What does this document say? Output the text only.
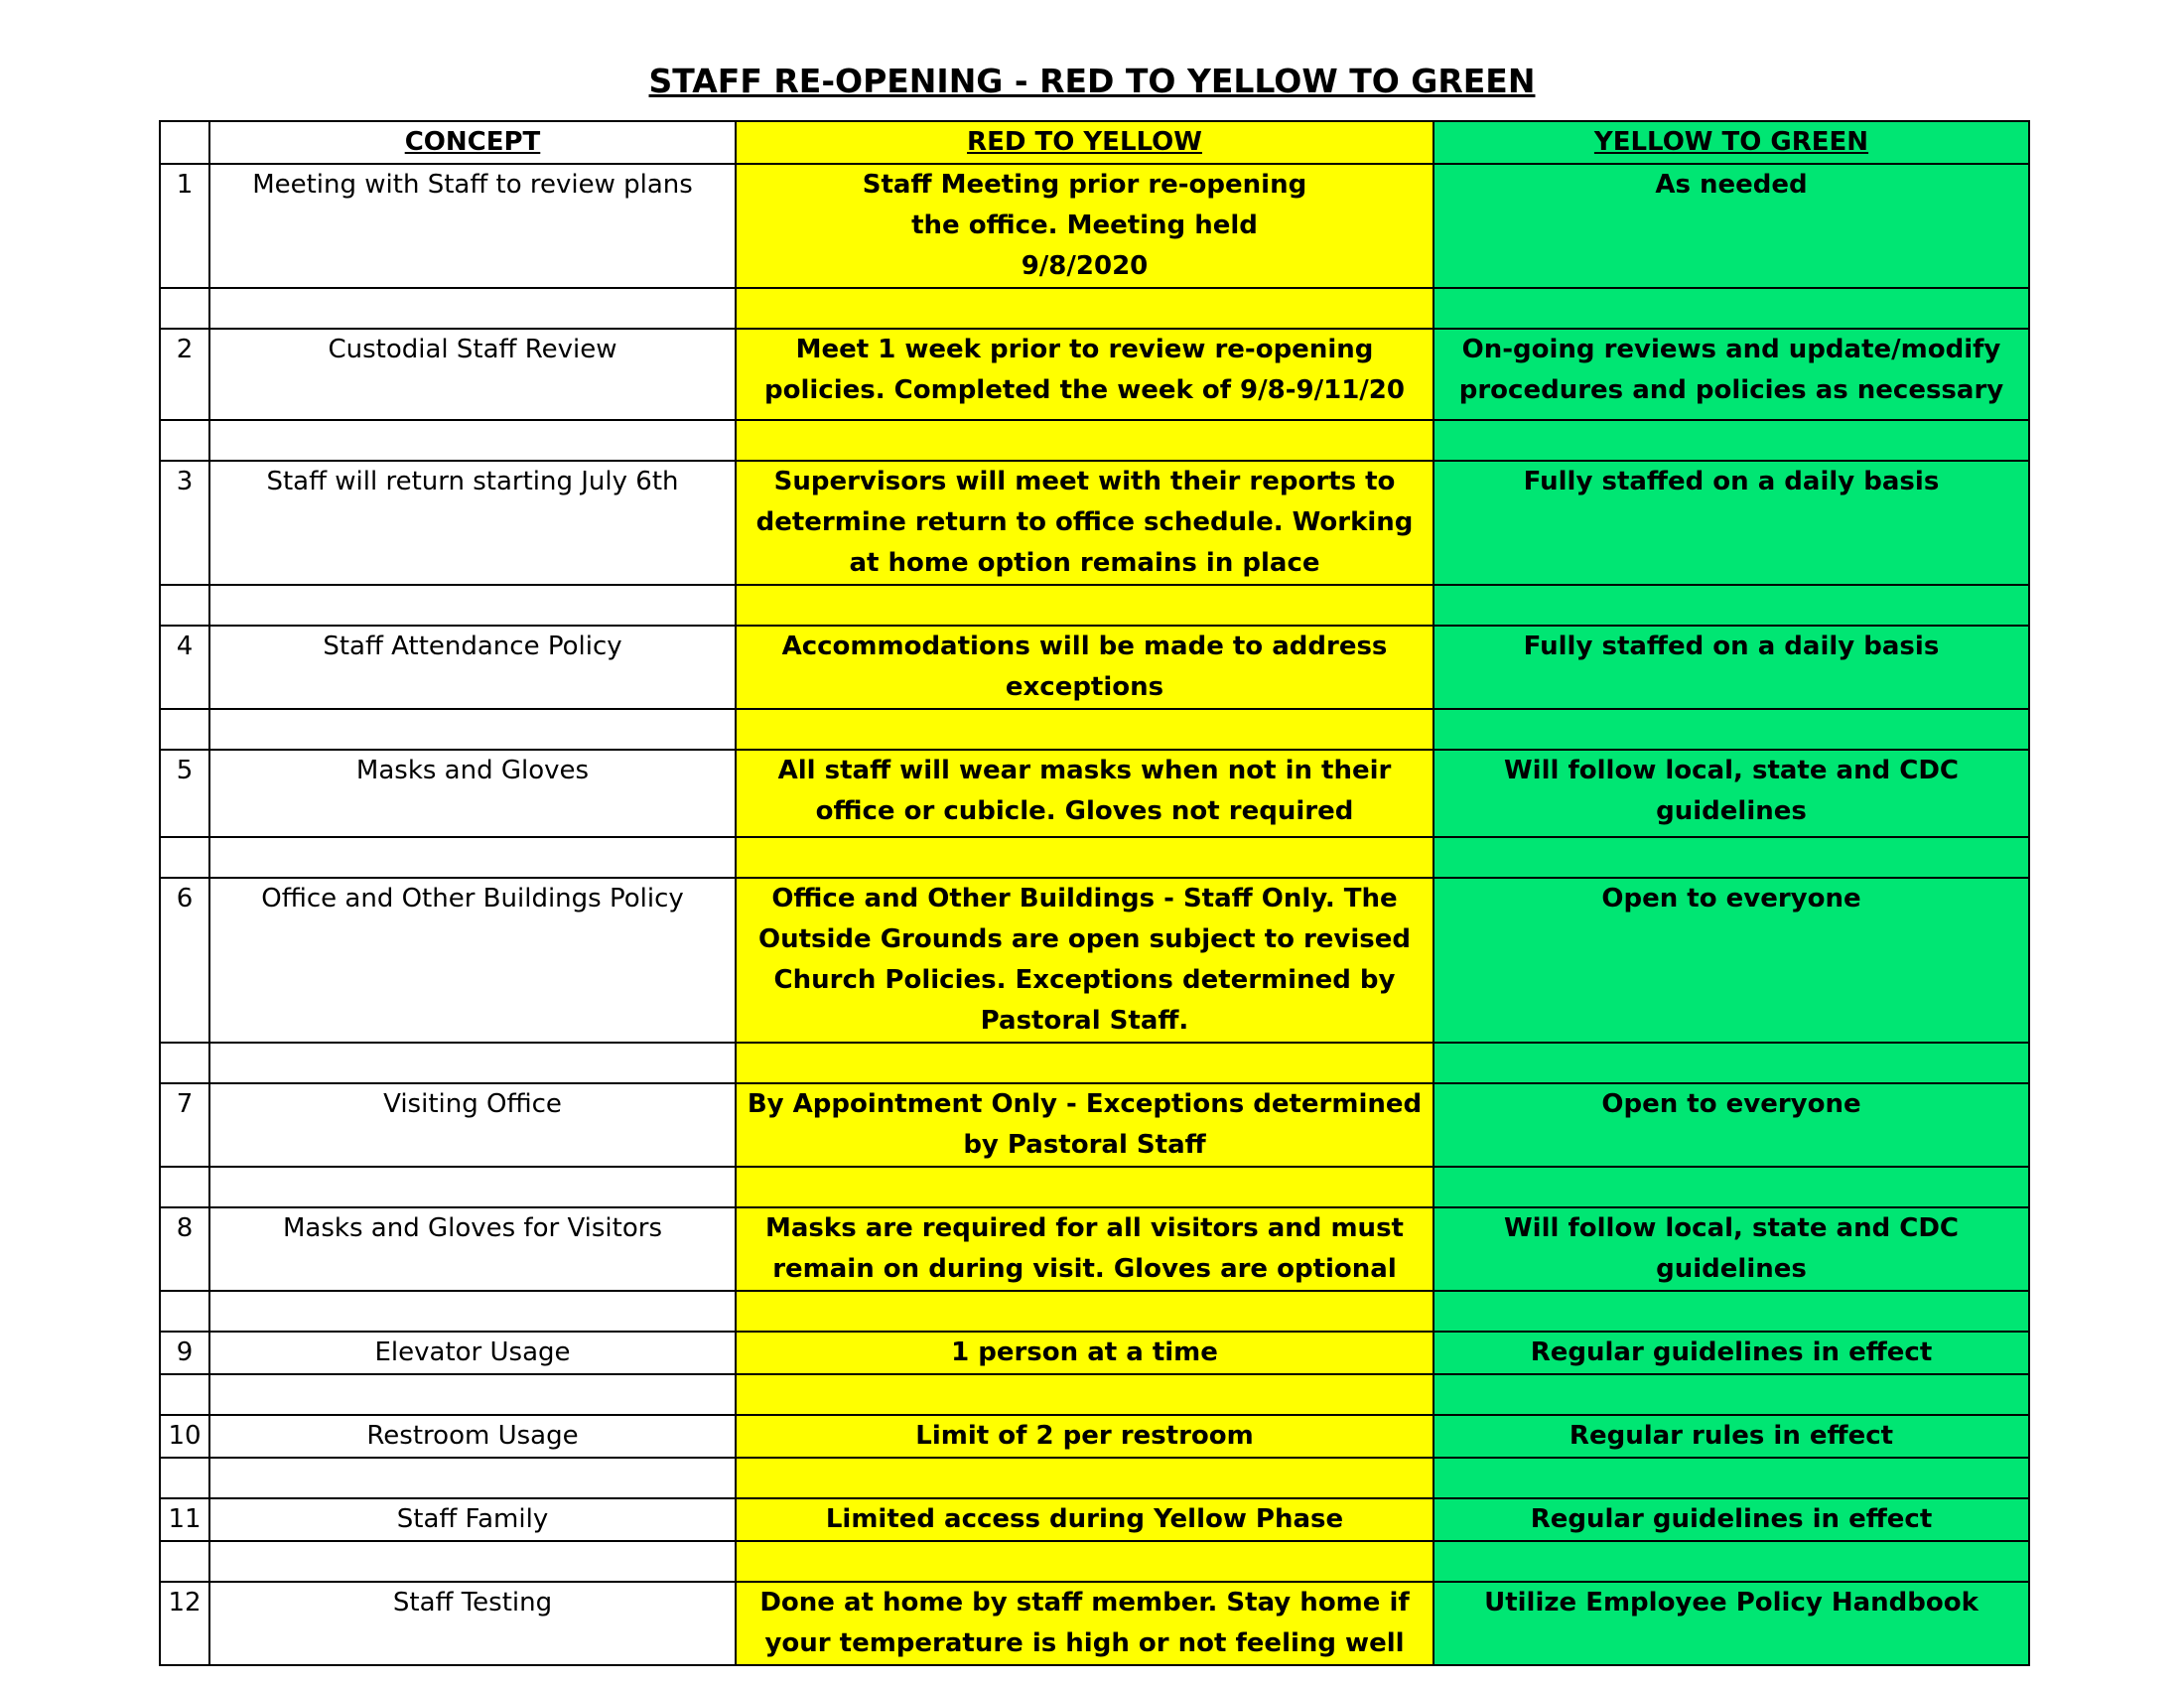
STAFF RE-OPENING - RED TO YELLOW TO GREEN
	CONCEPT	RED TO YELLOW	YELLOW TO GREEN
1	Meeting with Staff to review plans	Staff Meeting prior re-opening the office. Meeting held 9/8/2020	As needed

2	Custodial Staff Review	Meet 1 week prior to review re-opening policies. Completed the week of 9/8-9/11/20	On-going reviews and update/modify procedures and policies as necessary

3	Staff will return starting July 6th	Supervisors will meet with their reports to determine return to office schedule. Working at home option remains in place	Fully staffed on a daily basis

4	Staff Attendance Policy	Accommodations will be made to address exceptions	Fully staffed on a daily basis

5	Masks and Gloves	All staff will wear masks when not in their office or cubicle. Gloves not required	Will follow local, state and CDC guidelines

6	Office and Other Buildings Policy	Office and Other Buildings - Staff Only. The Outside Grounds are open subject to revised Church Policies. Exceptions determined by Pastoral Staff.	Open to everyone

7	Visiting Office	By Appointment Only - Exceptions determined by Pastoral Staff	Open to everyone

8	Masks and Gloves for Visitors	Masks are required for all visitors and must remain on during visit. Gloves are optional	Will follow local, state and CDC guidelines

9	Elevator Usage	1 person at a time	Regular guidelines in effect

10	Restroom Usage	Limit of 2 per restroom	Regular rules in effect

11	Staff Family	Limited access during Yellow Phase	Regular guidelines in effect

12	Staff Testing	Done at home by staff member. Stay home if your temperature is high or not feeling well	Utilize Employee Policy Handbook
